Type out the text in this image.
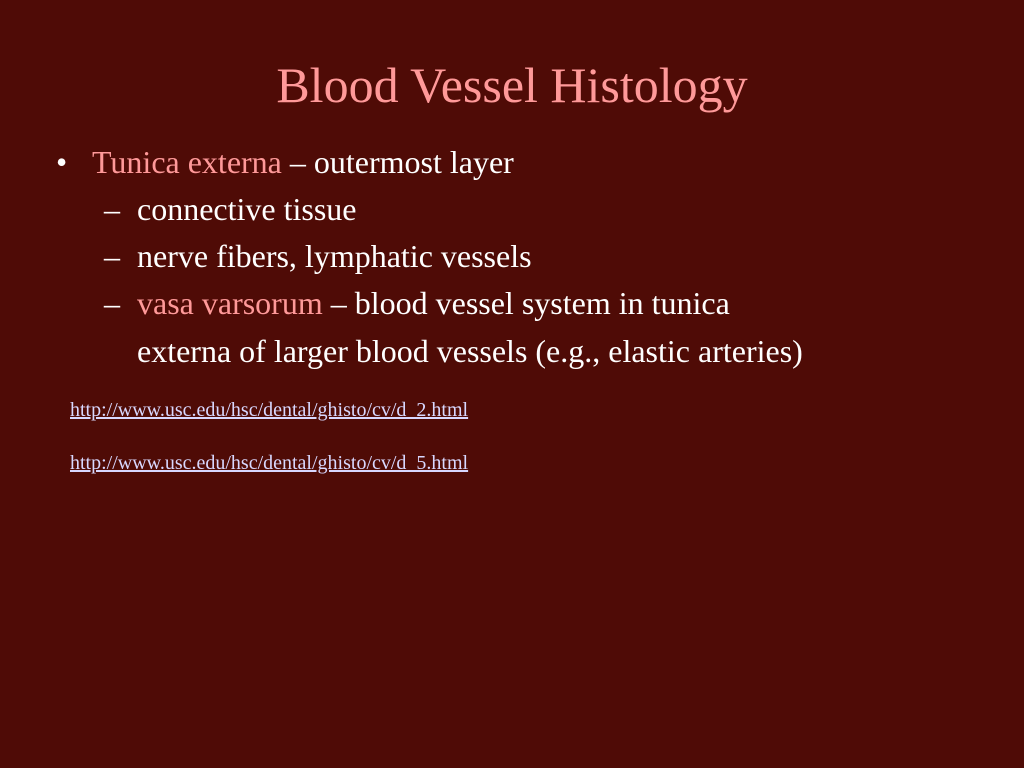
Blood Vessel Histology
• Tunica externa – outermost layer
– connective tissue
– nerve fibers, lymphatic vessels
– vasa varsorum – blood vessel system in tunica
externa of larger blood vessels (e.g., elastic arteries)
http://www.usc.edu/hsc/dental/ghisto/cv/d_2.html
http://www.usc.edu/hsc/dental/ghisto/cv/d_5.html
